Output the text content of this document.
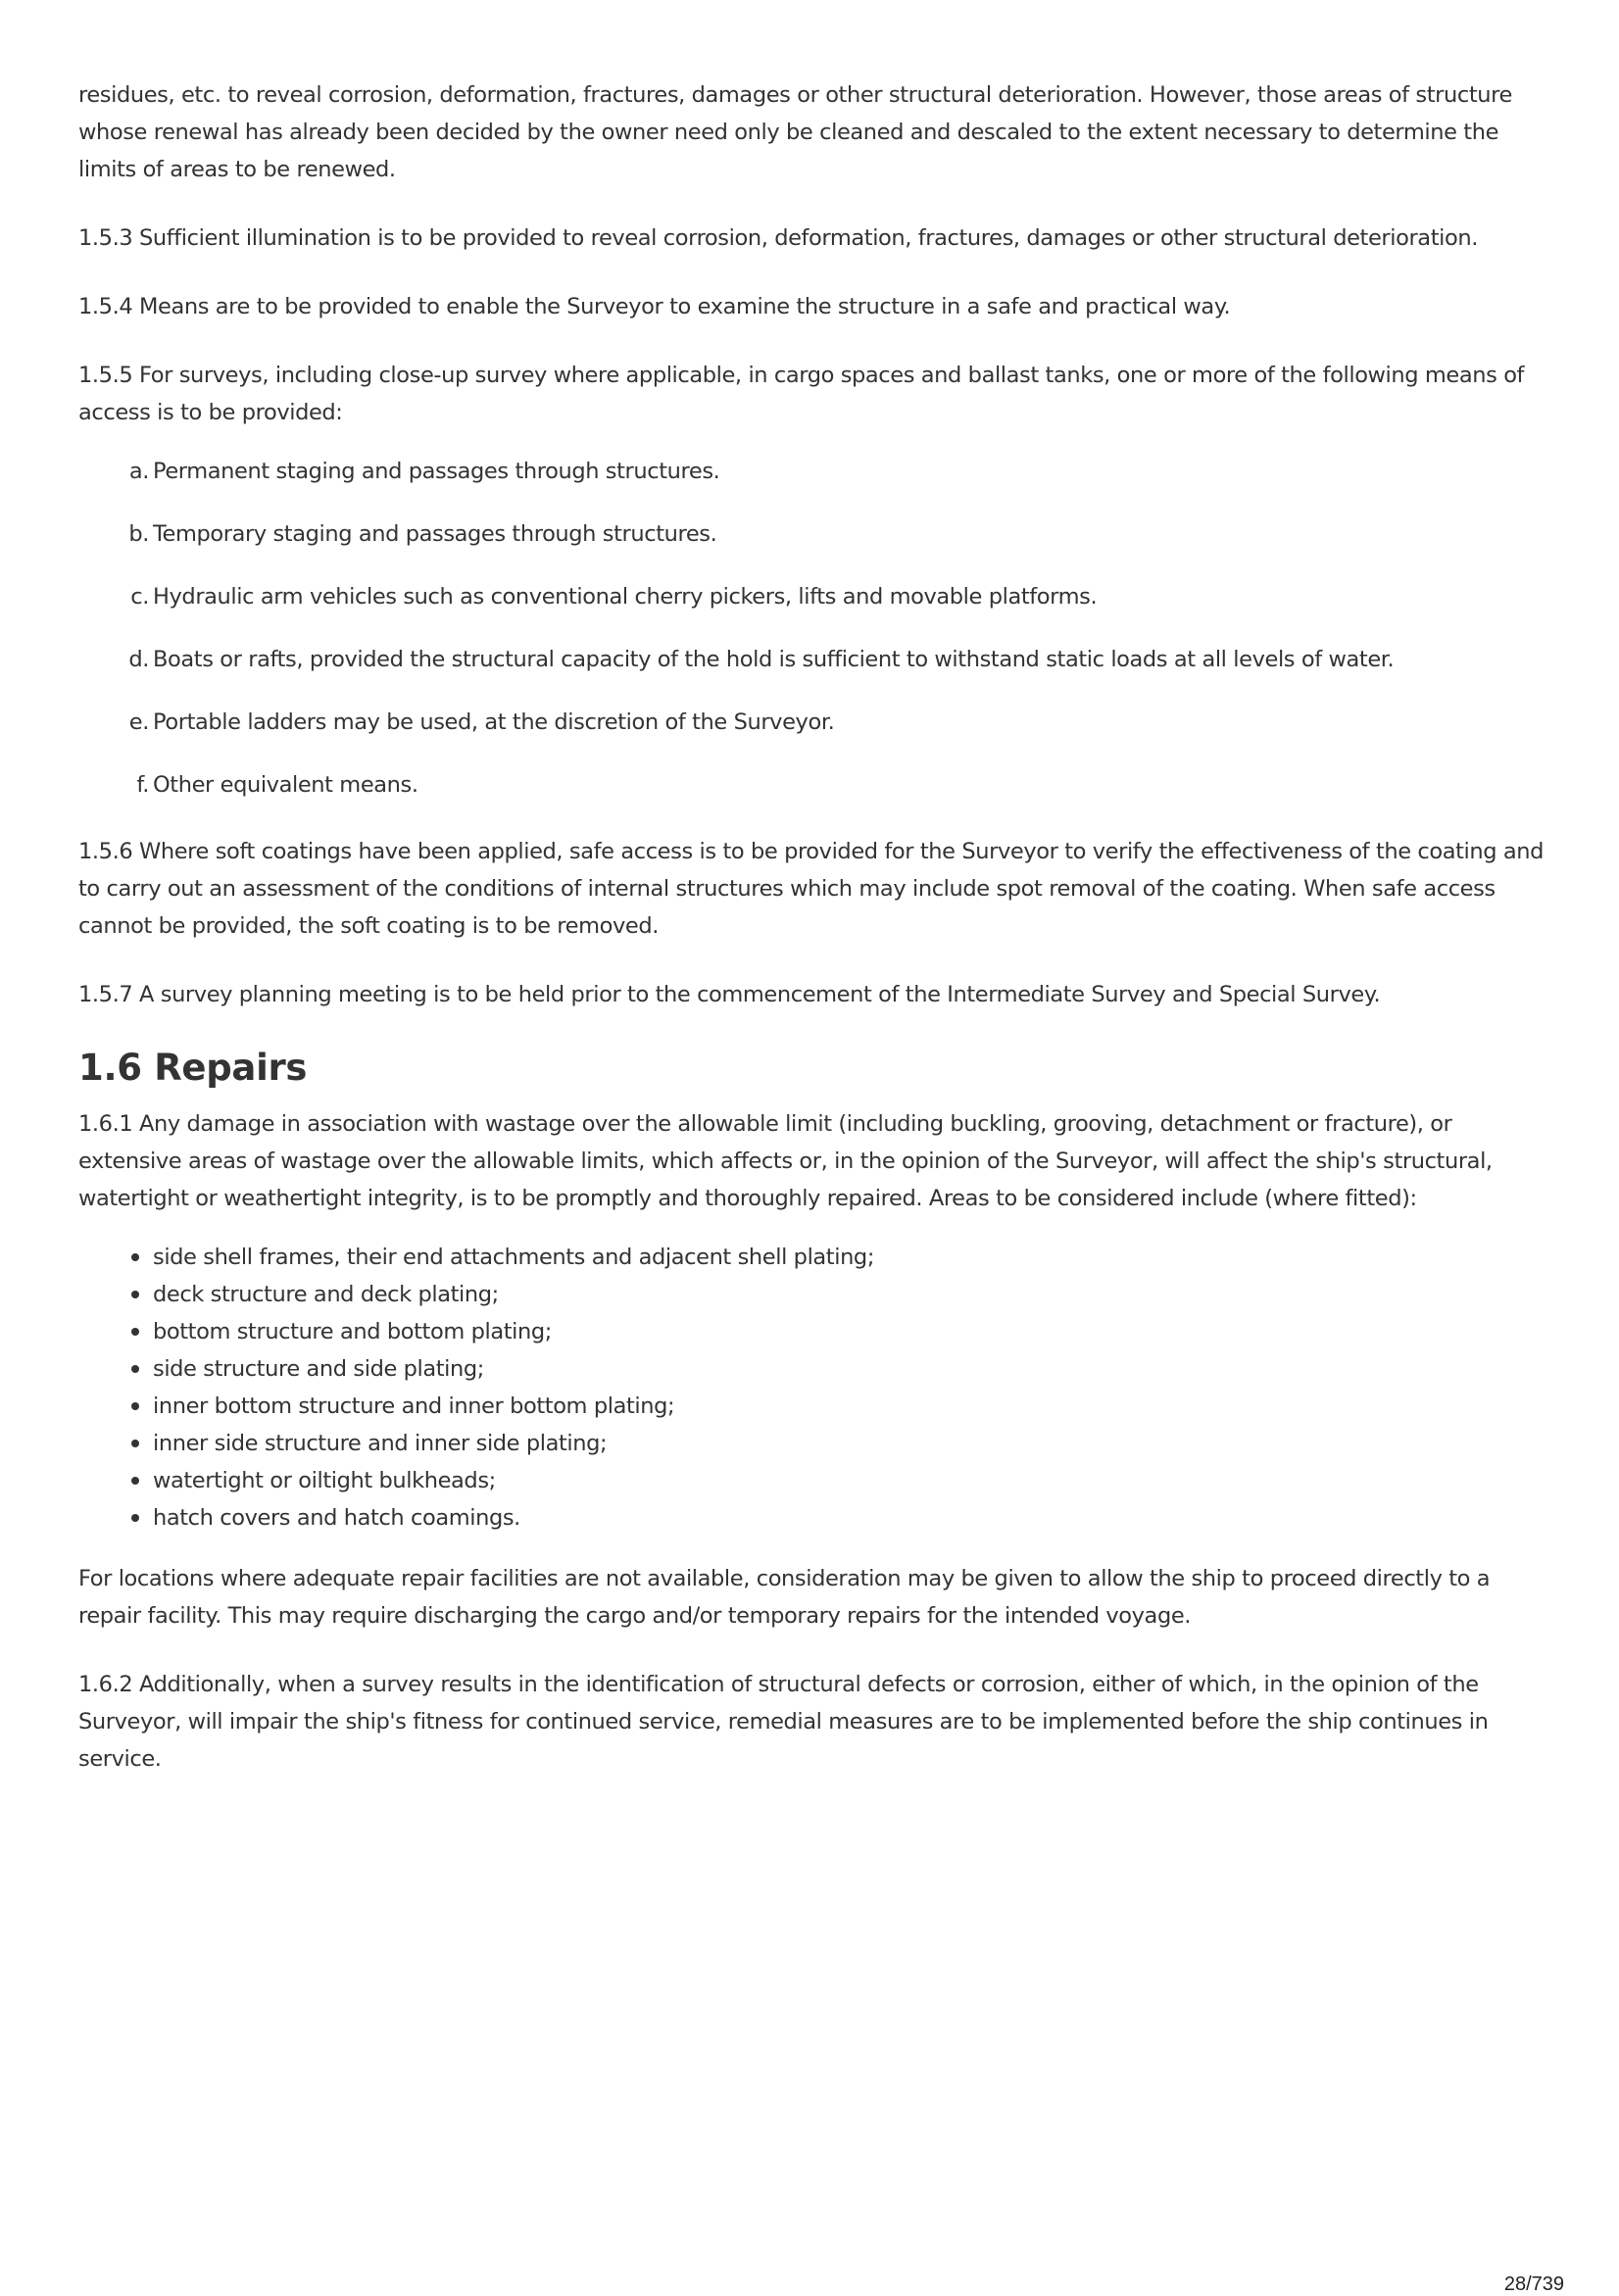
residues, etc. to reveal corrosion, deformation, fractures, damages or other structural deterioration. However, those areas of structure whose renewal has already been decided by the owner need only be cleaned and descaled to the extent necessary to determine the limits of areas to be renewed.

1.5.3 Sufficient illumination is to be provided to reveal corrosion, deformation, fractures, damages or other structural deterioration.

1.5.4 Means are to be provided to enable the Surveyor to examine the structure in a safe and practical way.

1.5.5 For surveys, including close-up survey where applicable, in cargo spaces and ballast tanks, one or more of the following means of access is to be provided:

a. Permanent staging and passages through structures.
b. Temporary staging and passages through structures.
c. Hydraulic arm vehicles such as conventional cherry pickers, lifts and movable platforms.
d. Boats or rafts, provided the structural capacity of the hold is sufficient to withstand static loads at all levels of water.
e. Portable ladders may be used, at the discretion of the Surveyor.
f. Other equivalent means.

1.5.6 Where soft coatings have been applied, safe access is to be provided for the Surveyor to verify the effectiveness of the coating and to carry out an assessment of the conditions of internal structures which may include spot removal of the coating. When safe access cannot be provided, the soft coating is to be removed.

1.5.7 A survey planning meeting is to be held prior to the commencement of the Intermediate Survey and Special Survey.

1.6 Repairs

1.6.1 Any damage in association with wastage over the allowable limit (including buckling, grooving, detachment or fracture), or extensive areas of wastage over the allowable limits, which affects or, in the opinion of the Surveyor, will affect the ship's structural, watertight or weathertight integrity, is to be promptly and thoroughly repaired. Areas to be considered include (where fitted):

side shell frames, their end attachments and adjacent shell plating;
deck structure and deck plating;
bottom structure and bottom plating;
side structure and side plating;
inner bottom structure and inner bottom plating;
inner side structure and inner side plating;
watertight or oiltight bulkheads;
hatch covers and hatch coamings.

For locations where adequate repair facilities are not available, consideration may be given to allow the ship to proceed directly to a repair facility. This may require discharging the cargo and/or temporary repairs for the intended voyage.

1.6.2 Additionally, when a survey results in the identification of structural defects or corrosion, either of which, in the opinion of the Surveyor, will impair the ship's fitness for continued service, remedial measures are to be implemented before the ship continues in service.

28/739
